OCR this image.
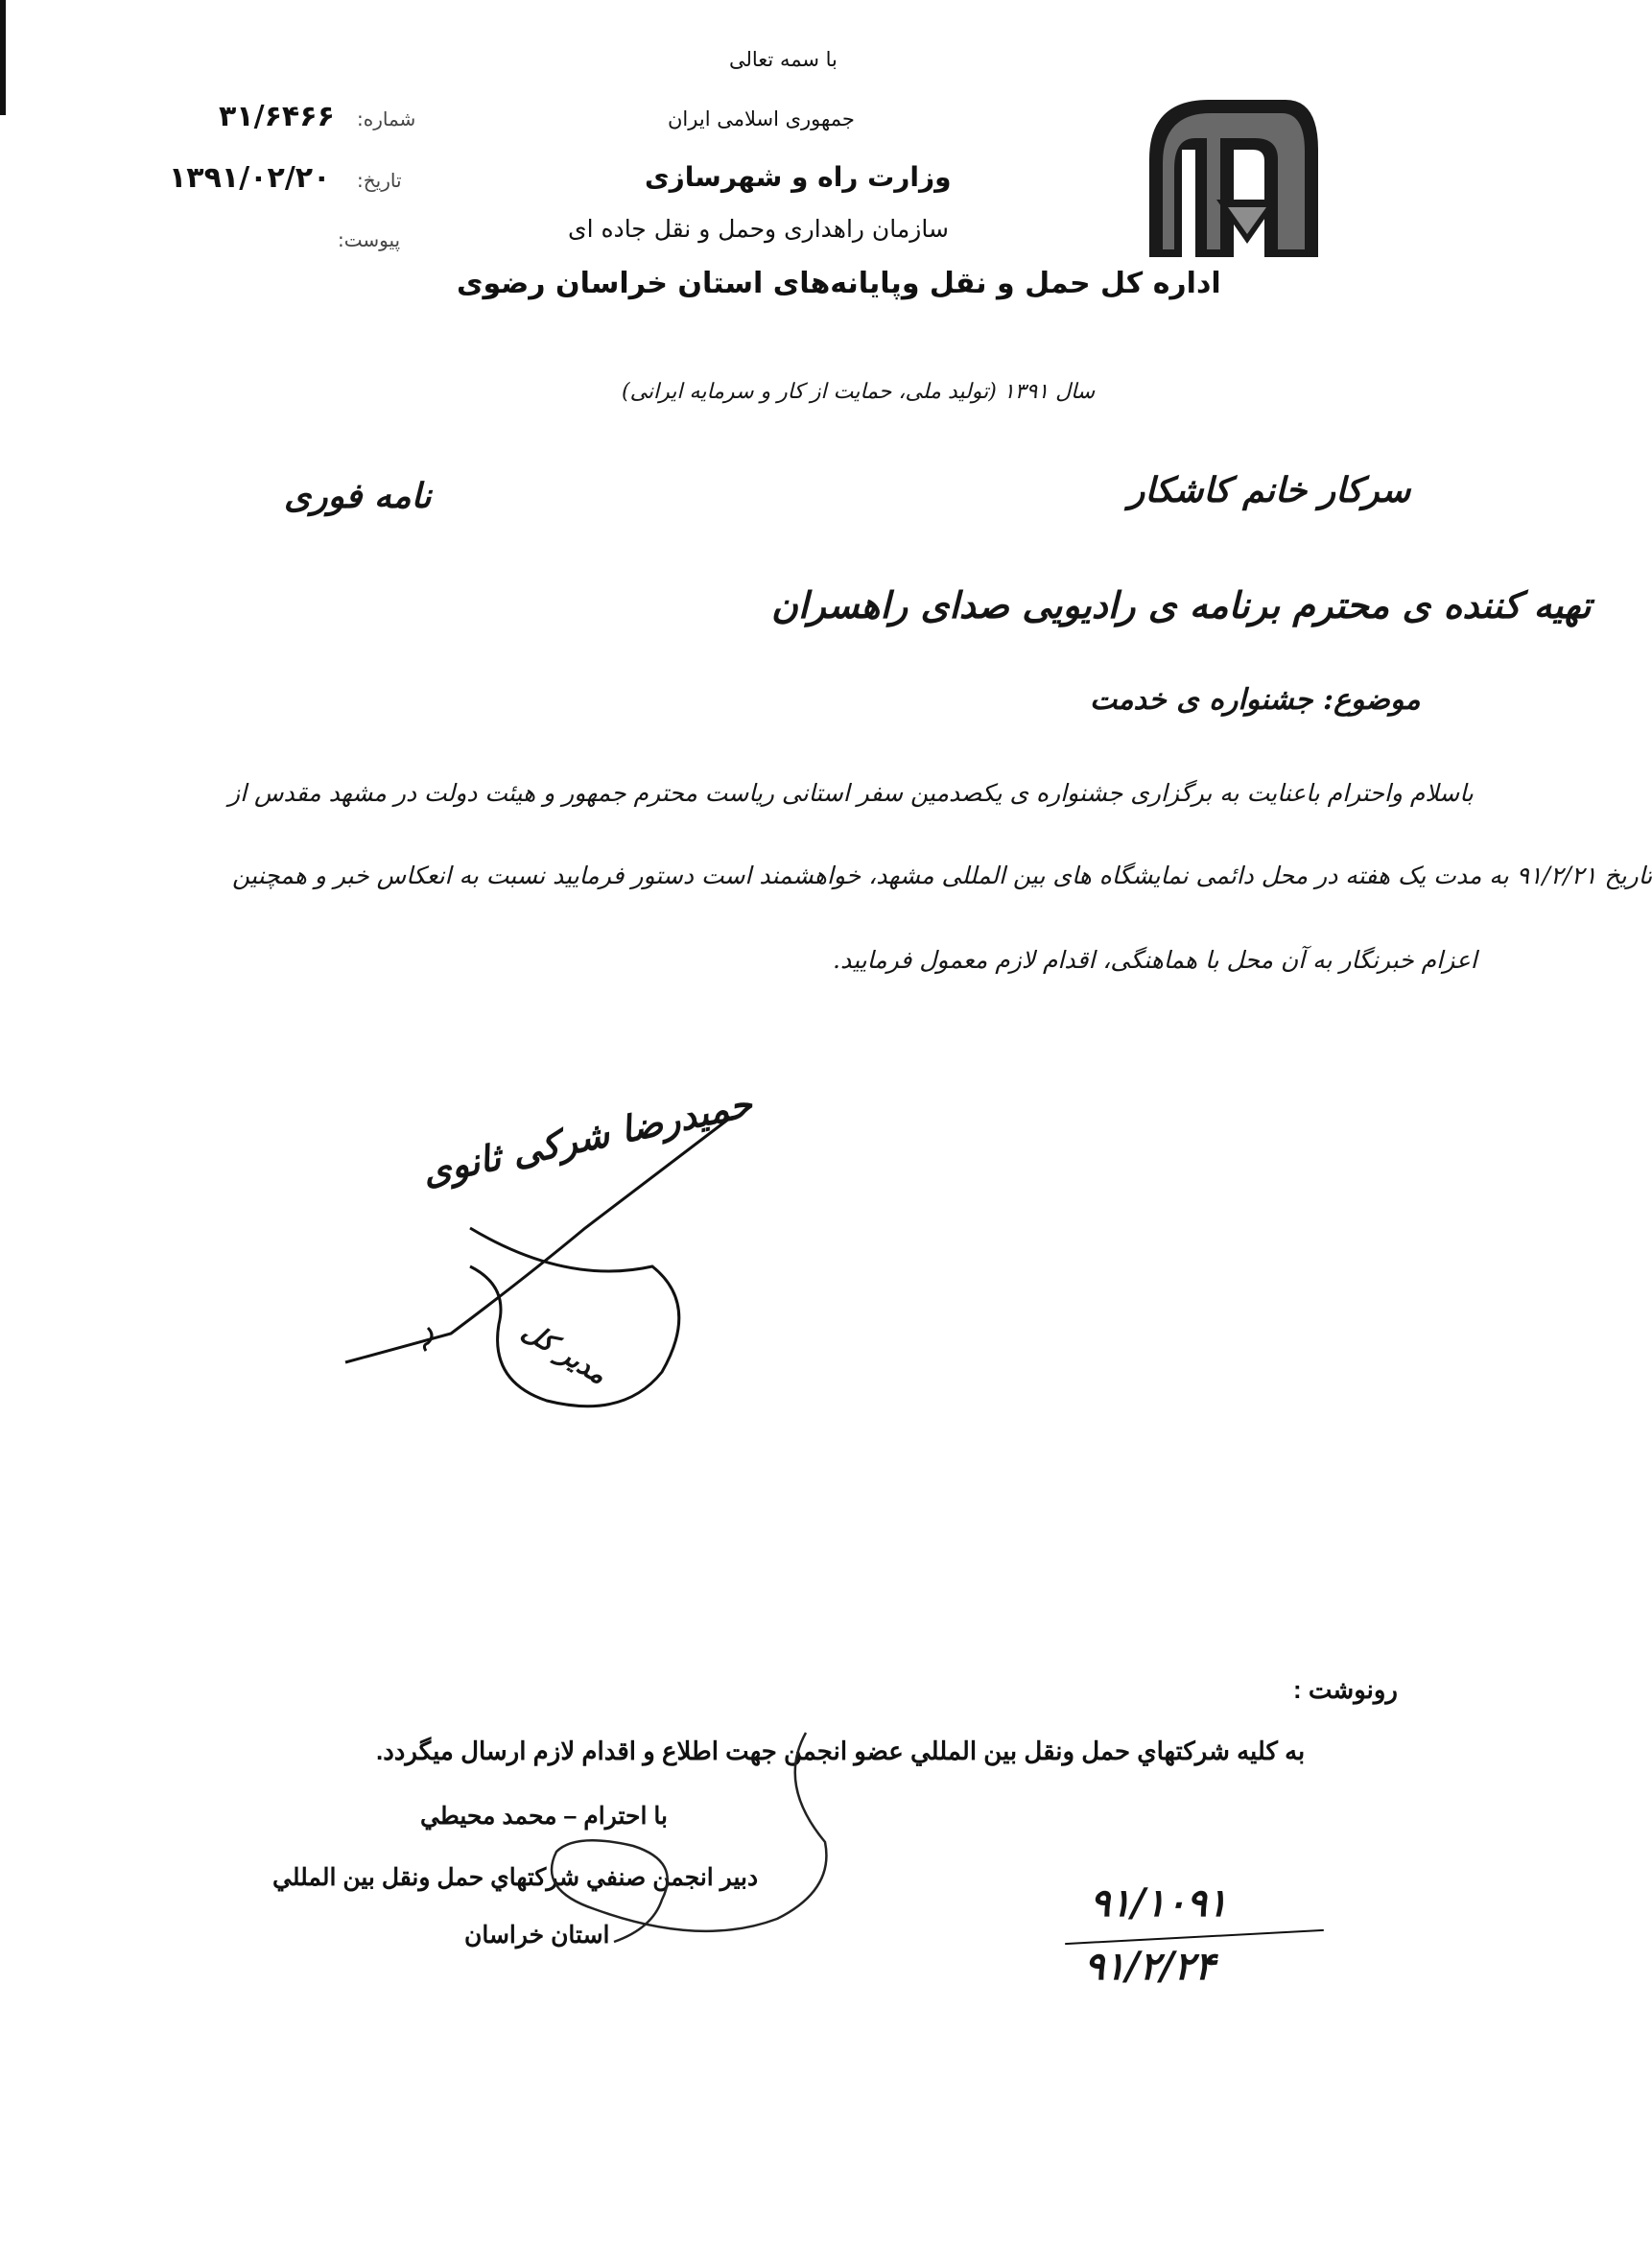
با سمه تعالی
جمهوری اسلامی ایران
وزارت راه و شهرسازی
سازمان راهداری وحمل و نقل جاده ای
اداره کل حمل و نقل وپایانه‌های استان خراسان رضوی
شماره:
۳۱/۶۴۶۶
تاریخ:
۱۳۹۱/۰۲/۲۰
پیوست:
سال ۱۳۹۱ (تولید ملی، حمایت از کار و سرمایه ایرانی)
نامه فوری	سرکار خانم کاشکار
تهیه کننده ی محترم برنامه ی رادیویی صدای راهسران
موضوع: جشنواره ی خدمت
باسلام واحترام باعنایت به برگزاری جشنواره ی یکصدمین سفر استانی ریاست محترم جمهور و هیئت دولت در مشهد مقدس از
تاریخ ۹۱/۲/۲۱ به مدت یک هفته در محل دائمی نمایشگاه های بین المللی مشهد، خواهشمند است دستور فرمایید نسبت به انعکاس خبر و همچنین
اعزام خبرنگار به آن محل با هماهنگی، اقدام لازم معمول فرمایید.
حمیدرضا شرکی ثانوی
مدیر کل
رونوشت :
به كليه شركتهاي حمل ونقل بين المللي عضو انجمن جهت اطلاع و اقدام لازم ارسال ميگردد.
با احترام – محمد محيطي
دبير انجمن صنفي شركتهاي حمل ونقل بين المللي
استان خراسان
۹۱/۱۰۹۱
۹۱/۲/۲۴
